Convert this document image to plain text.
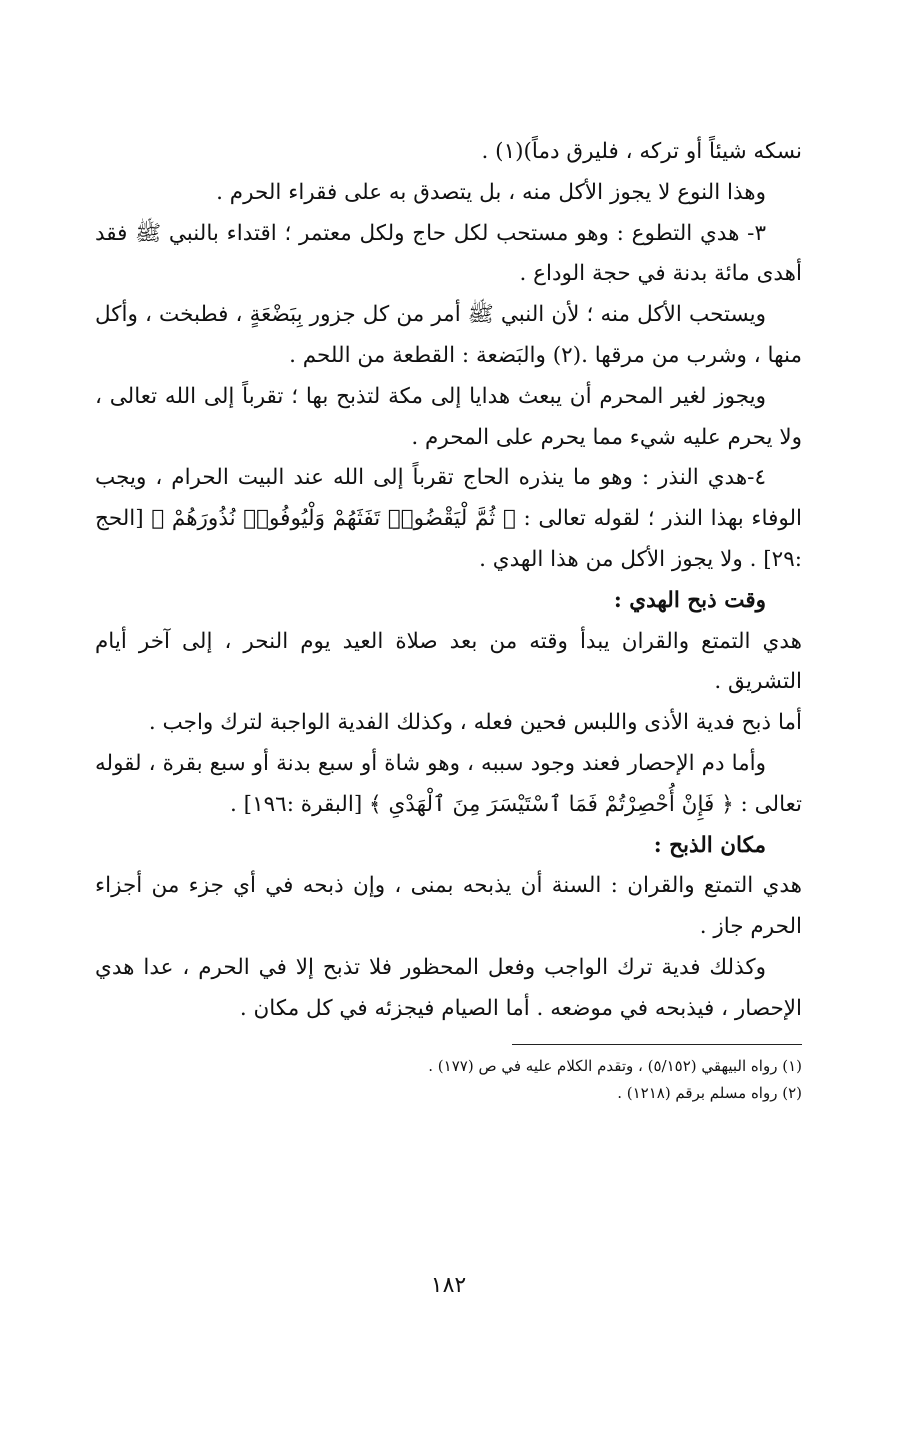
نسكه شيئاً أو تركه ، فليرق دماً)(١) .

وهذا النوع لا يجوز الأكل منه ، بل يتصدق به على فقراء الحرم .

٣- هدي التطوع : وهو مستحب لكل حاج ولكل معتمر ؛ اقتداء بالنبي ﷺ فقد أهدى مائة بدنة في حجة الوداع .

ويستحب الأكل منه ؛ لأن النبي ﷺ أمر من كل جزور بِبَضْعَةٍ ، فطبخت ، وأكل منها ، وشرب من مرقها .(٢) والبَضعة : القطعة من اللحم .

ويجوز لغير المحرم أن يبعث هدايا إلى مكة لتذبح بها ؛ تقرباً إلى الله تعالى ، ولا يحرم عليه شيء مما يحرم على المحرم .

٤-هدي النذر : وهو ما ينذره الحاج تقرباً إلى الله عند البيت الحرام ، ويجب الوفاء بهذا النذر ؛ لقوله تعالى : ﴿ ثُمَّ لْيَقْضُوا۟ تَفَثَهُمْ وَلْيُوفُوا۟ نُذُورَهُمْ ﴾ [الحج :٢٩] . ولا يجوز الأكل من هذا الهدي .

وقت ذبح الهدي :

هدي التمتع والقران يبدأ وقته من بعد صلاة العيد يوم النحر ، إلى آخر أيام التشريق .

أما ذبح فدية الأذى واللبس فحين فعله ، وكذلك الفدية الواجبة لترك واجب .

وأما دم الإحصار فعند وجود سببه ، وهو شاة أو سبع بدنة أو سبع بقرة ، لقوله تعالى : ﴿ فَإِنْ أُحْصِرْتُمْ فَمَا ٱسْتَيْسَرَ مِنَ ٱلْهَدْىِ ﴾ [البقرة :١٩٦] .

مكان الذبح :

هدي التمتع والقران : السنة أن يذبحه بمنى ، وإن ذبحه في أي جزء من أجزاء الحرم جاز .

وكذلك فدية ترك الواجب وفعل المحظور فلا تذبح إلا في الحرم ، عدا هدي الإحصار ، فيذبحه في موضعه . أما الصيام فيجزئه في كل مكان .

(١) رواه البيهقي (٥/١٥٢) ، وتقدم الكلام عليه في ص (١٧٧) .

(٢) رواه مسلم برقم (١٢١٨) .

١٨٢
